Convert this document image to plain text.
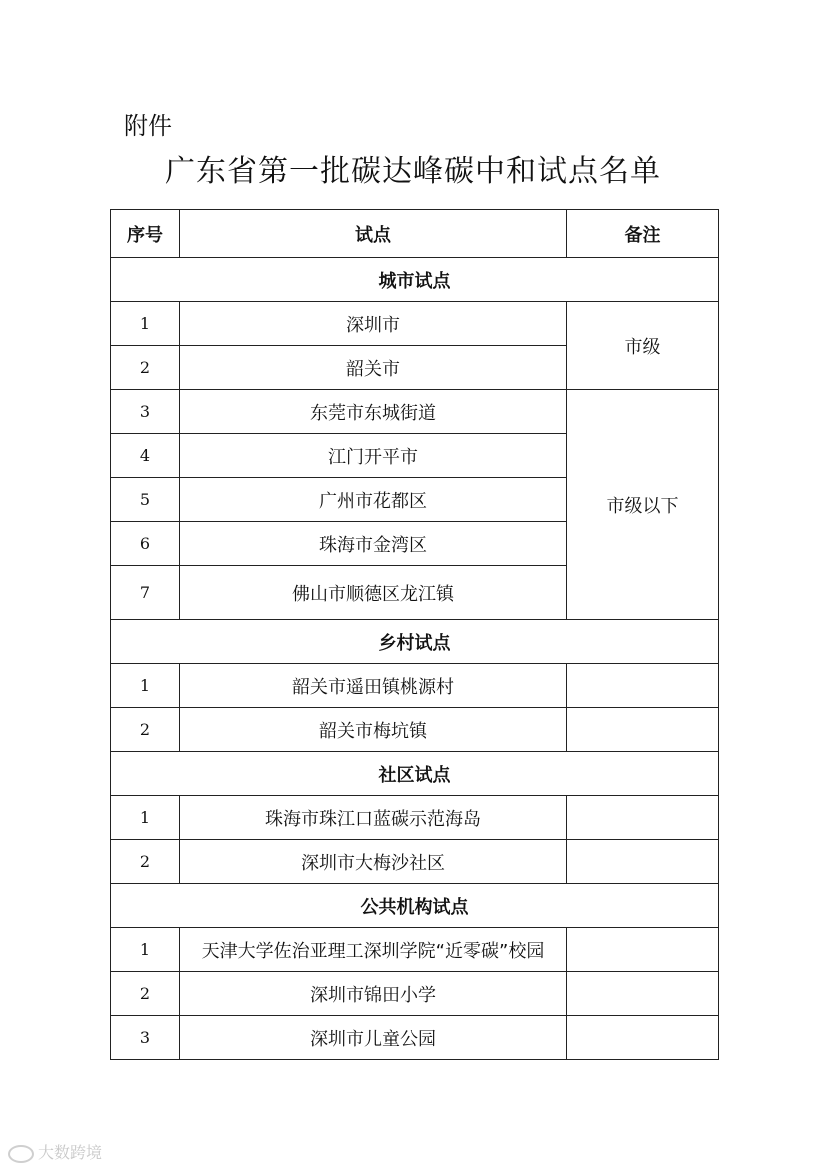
附件
广东省第一批碳达峰碳中和试点名单
序号	试点	备注
城市试点		
1	深圳市	市级
2	韶关市	
3	东莞市东城街道	市级以下
4	江门开平市	
5	广州市花都区	
6	珠海市金湾区	
7	佛山市顺德区龙江镇	
乡村试点		
1	韶关市遥田镇桃源村	
2	韶关市梅坑镇	
社区试点		
1	珠海市珠江口蓝碳示范海岛	
2	深圳市大梅沙社区	
公共机构试点		
1	天津大学佐治亚理工深圳学院“近零碳”校园	
2	深圳市锦田小学	
3	深圳市儿童公园	
大数跨境
